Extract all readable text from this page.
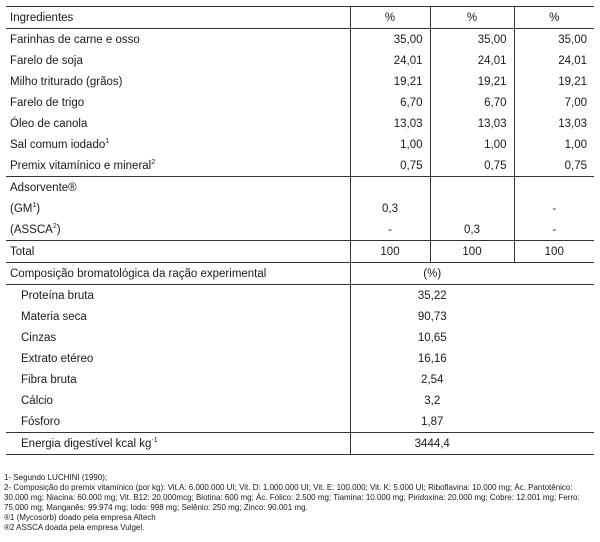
Ingredientes	%	%	%
Farinhas de carne e osso	35,00	35,00	35,00
Farelo de soja	24,01	24,01	24,01
Milho triturado (grãos)	19,21	19,21	19,21
Farelo de trigo	6,70	6,70	7,00
Óleo de canola	13,03	13,03	13,03
Sal comum iodado$^1$	1,00	1,00	1,00
Premix vitamínico e mineral$^2$	0,75	0,75	0,75
Adsorvente®			
$(GM^1)$	0,3		-
(ASSCA$^2$)	-	0,3	-
Total	100	100	100
Composição bromatológica da ração experimental	(%)		
Proteína bruta	35,22		
Materia seca	90,73		
Cinzas	10,65		
Extrato etéreo	16,16		
Fibra bruta	2,54		
Cálcio	3,2		
Fósforo	1,87		
Energia digestível kcal $kg^{-1}$	3444,4		
1- Segundo LUCHINI (1990);
2- Composição do premix vitamínico (por kg): Vit.A: 6.000.000 UI; Vit. D: 1.000.000 UI; Vit. E: 100.000; Vit. K: 5.000 UI; Riboflavina: 10.000 mg; Ác. Pantotênico: 30.000 mg; Niacina: 60.000 mg; Vit. B12: 20.000mcg; Biotina: 600 mg; Ác. Fólico: 2.500 mg; Tiamina: 10.000 mg; Piridoxina: 20.000 mg; Cobre: 12.001 mg; Ferro: 75.000 mg; Manganês: 99.974 mg; Iodo: 998 mg; Selênio: 250 mg; Zinco: 90.001 mg.
®1 (Mycosorb) doado pela empresa Altech
®2 ASSCA doada pela empresa Vulgel.
